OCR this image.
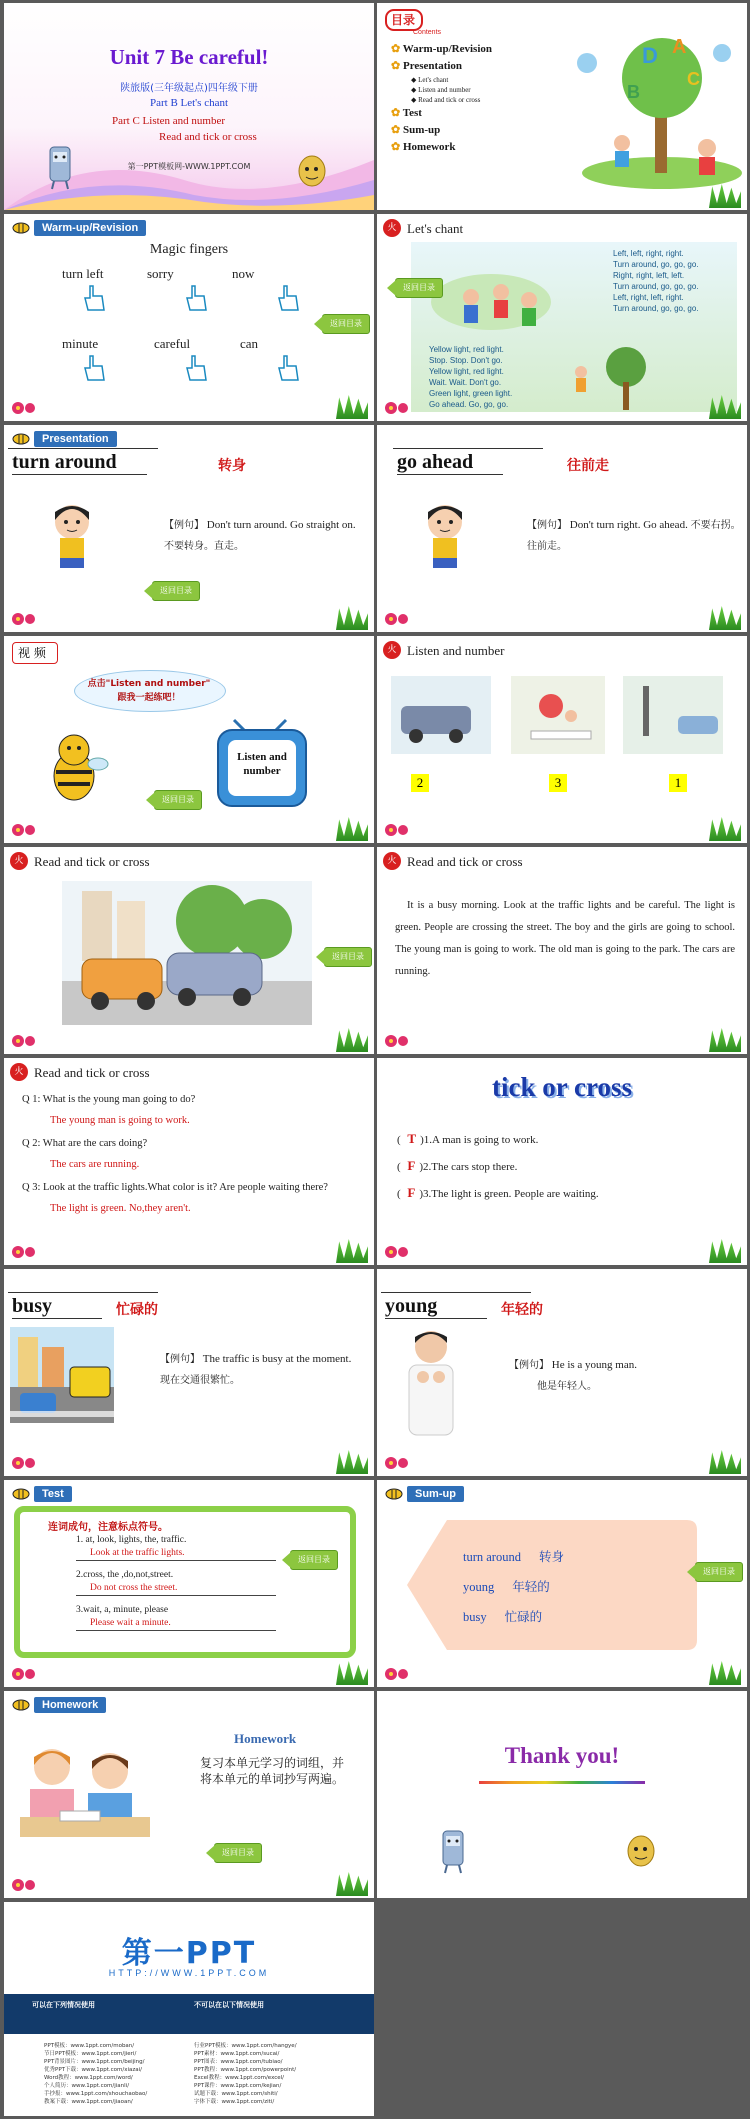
Unit 7 Be careful!
陕旅版(三年级起点)四年级下册
Part B Let's chant
Part C Listen and number
Read and tick or cross
第一PPT模板网-WWW.1PPT.COM
目录
Contents
✿ Warm-up/Revision
✿ Presentation
◆ Let's chant
◆ Listen and number
◆ Read and tick or cross
✿ Test
✿ Sum-up
✿ Homework
D A
C
B
Warm-up/Revision
Magic fingers
turn left	sorry	now
minute	careful	can
返回目录
火 Let's chant
Left, left, right, right.
Turn around, go, go, go.
Right, right, left, left.
Turn around, go, go, go.
Left, right, left, right.
Turn around, go, go, go.
Yellow light, red light.
Stop. Stop. Don't go.
Yellow light, red light.
Wait. Wait. Don't go.
Green light, green light.
Go ahead. Go, go, go.
返回目录
Presentation
turn around	转身
【例句】 Don't turn around. Go straight on. 不要转身。直走。
返回目录
go ahead	往前走
【例句】 Don't turn right. Go ahead. 不要右拐。往前走。
视 频
点击"Listen and number"
跟我一起练吧！
Listen and number
返回目录
火 Listen and number
2	3	1
火 Read and tick or cross
返回目录
火 Read and tick or cross
It is a busy morning. Look at the traffic lights and be careful. The light is green. People are crossing the street. The boy and the girls are going to school. The young man is going to work. The old man is going to the park. The cars are running.
火 Read and tick or cross
Q 1: What is the young man going to do?
The young man is going to work.
Q 2: What are the cars doing?
The cars are running.
Q 3: Look at the traffic lights.What color is it? Are people waiting there?
The light is green. No,they aren't.
tick or cross
( T )1.A man is going to work.
( F )2.The cars stop there.
( F )3.The light is green. People are waiting.
busy	忙碌的
【例句】 The traffic is busy at the moment. 现在交通很繁忙。
young	年轻的
【例句】 He is a young man.
他是年轻人。
Test
连词成句，注意标点符号。
1. at, look, lights, the, traffic.
Look at the traffic lights.
2.cross, the ,do,not,street.
Do not cross the street.
3.wait, a, minute, please
Please wait a minute.
返回目录
Sum-up
turn around 转身
young 年轻的
busy 忙碌的
返回目录
Homework
Homework
复习本单元学习的词组，并将本单元的单词抄写两遍。
返回目录
Thank you!
第一PPT
HTTP://WWW.1PPT.COM
可以在下列情况使用	不可以在以下情况使用
PPT模板：www.1ppt.com/moban/
节日PPT模板：www.1ppt.com/jieri/
PPT背景图片：www.1ppt.com/beijing/
优秀PPT下载：www.1ppt.com/xiazai/
Word教程：www.1ppt.com/word/
个人简历：www.1ppt.com/jianli/
手抄报：www.1ppt.com/shouchaobao/
教案下载：www.1ppt.com/jiaoan/
行业PPT模板：www.1ppt.com/hangye/
PPT素材：www.1ppt.com/sucai/
PPT图表：www.1ppt.com/tubiao/
PPT教程：www.1ppt.com/powerpoint/
Excel教程：www.1ppt.com/excel/
PPT课件：www.1ppt.com/kejian/
试题下载：www.1ppt.com/shiti/
字体下载：www.1ppt.com/ziti/
